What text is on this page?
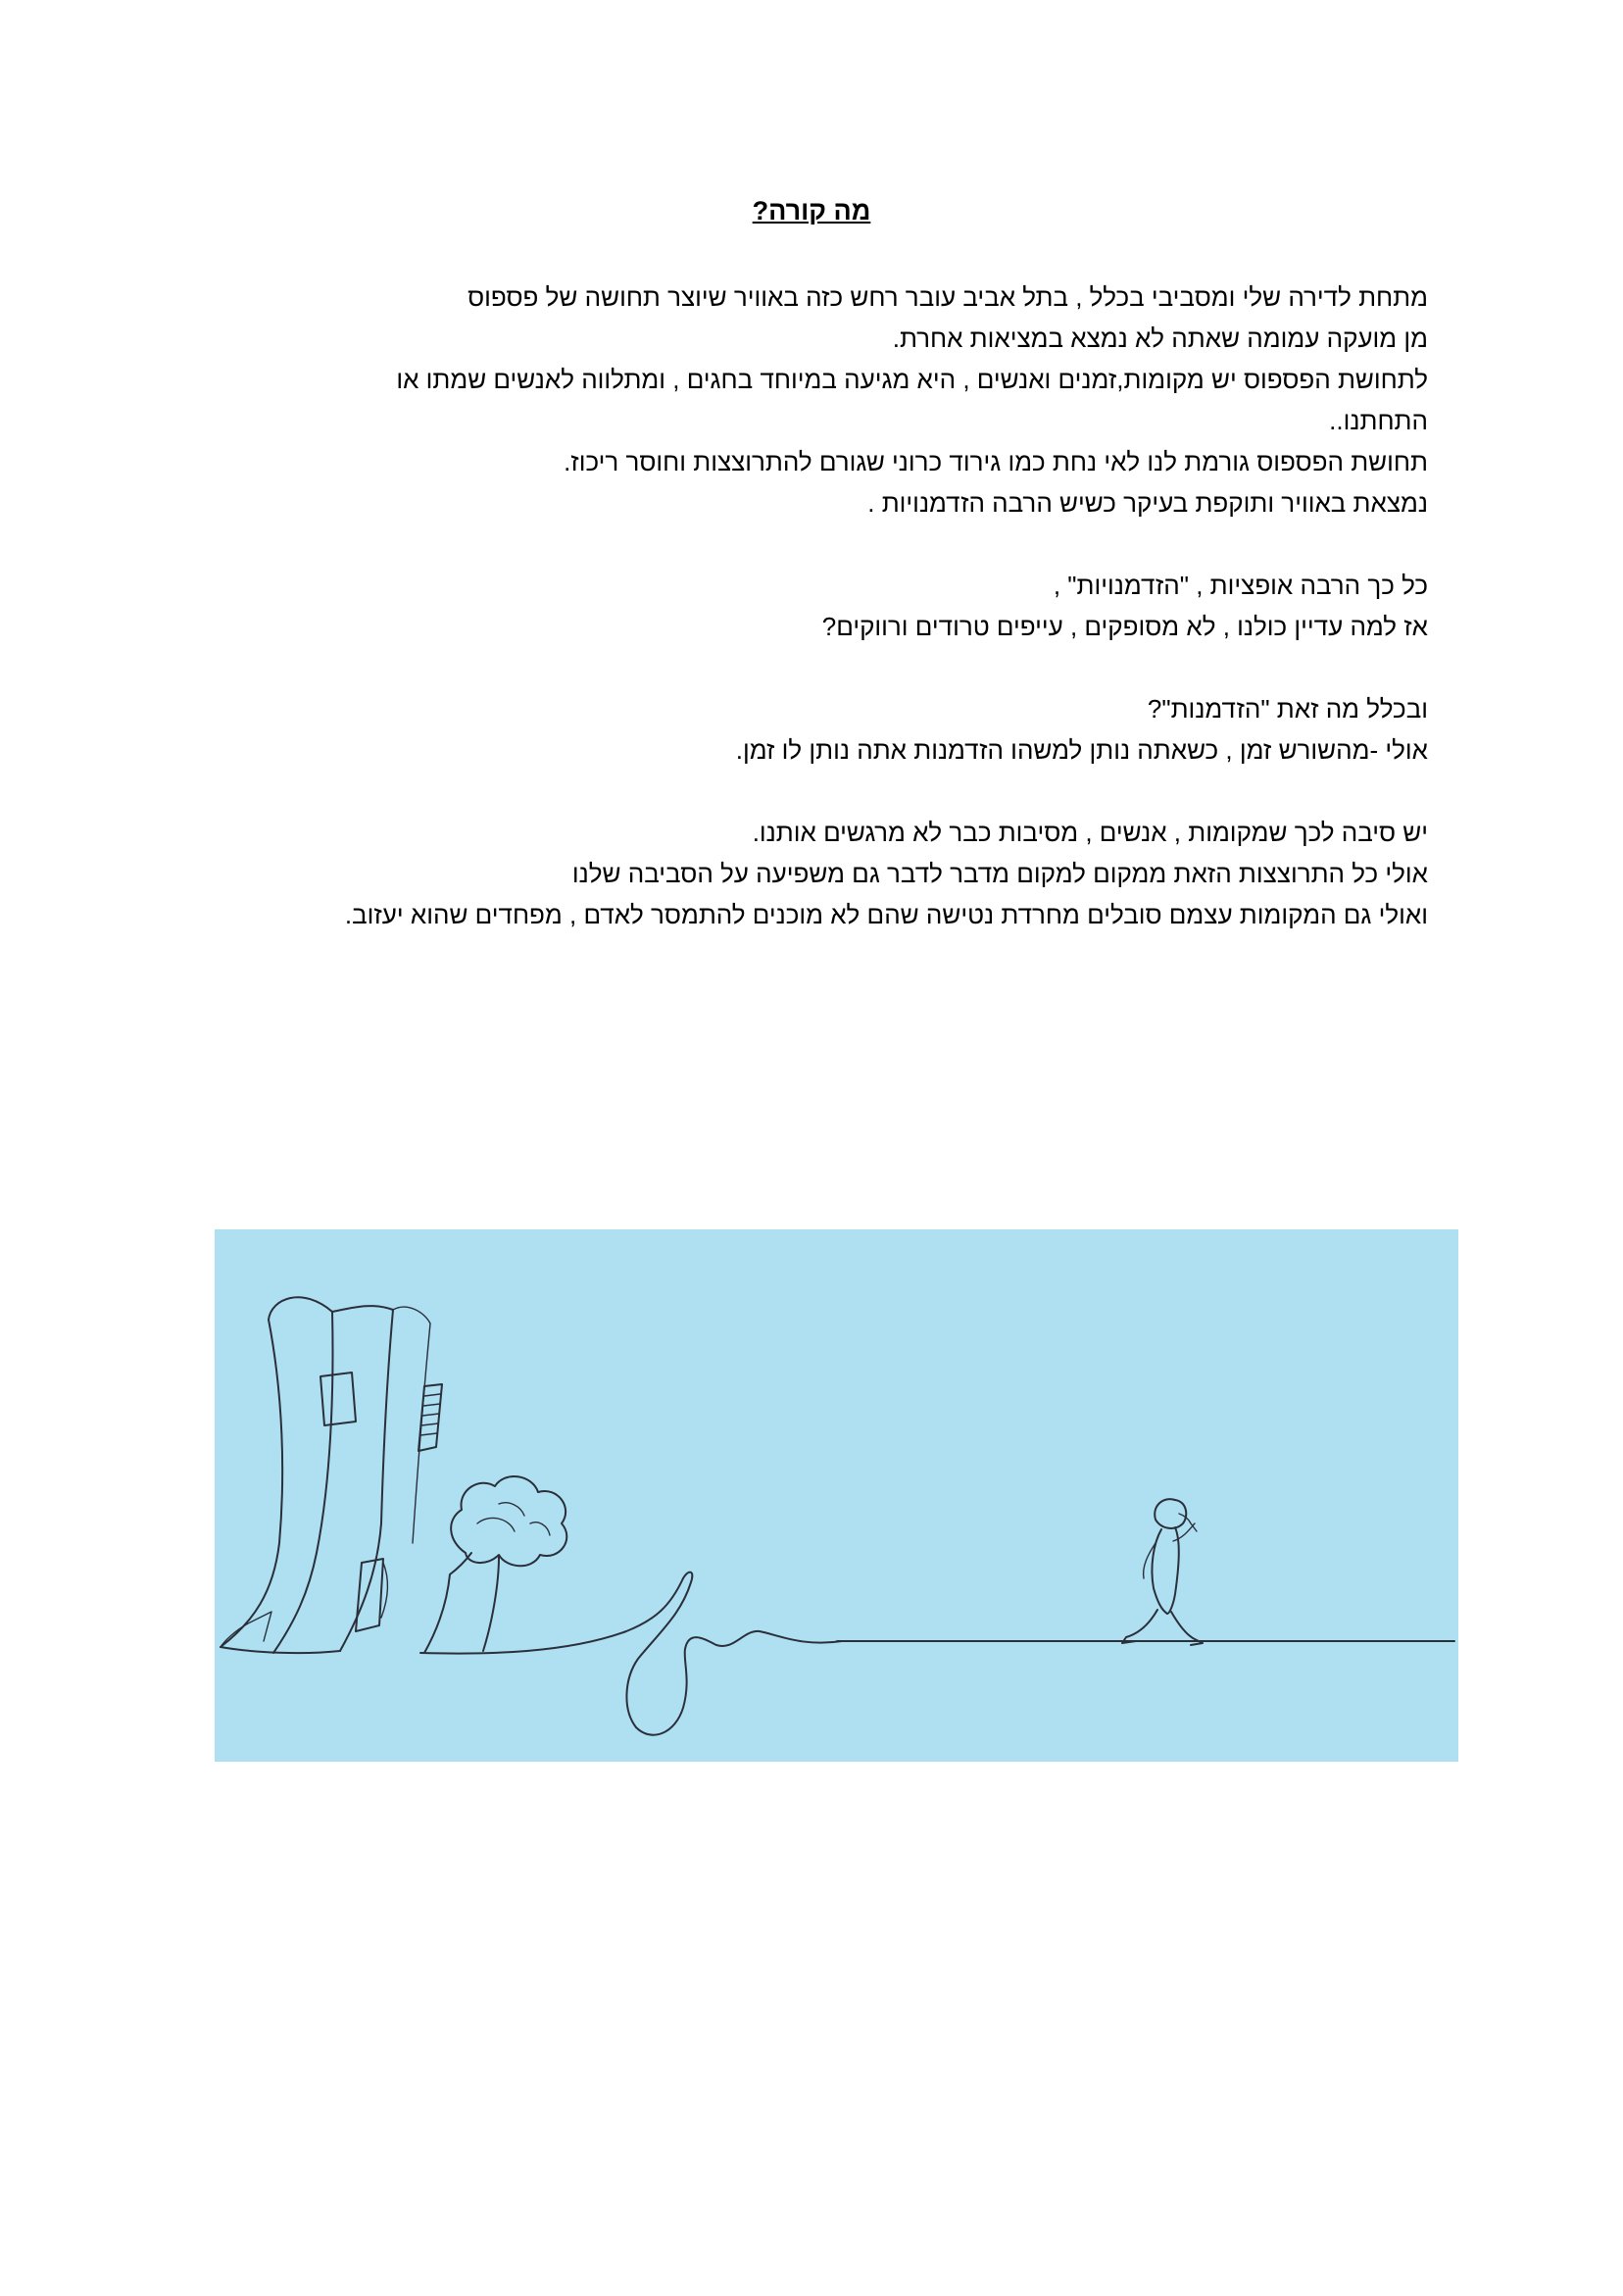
מה קורה?

מתחת לדירה שלי ומסביבי בכלל , בתל אביב עובר רחש כזה באוויר שיוצר תחושה של פספוס
מן מועקה עמומה שאתה לא נמצא במציאות אחרת.
לתחושת הפספוס יש מקומות,זמנים ואנשים , היא מגיעה במיוחד בחגים , ומתלווה לאנשים שמתו או
התחתנו..
תחושת הפספוס גורמת לנו לאי נחת כמו גירוד כרוני שגורם להתרוצצות וחוסר ריכוז.
נמצאת באוויר ותוקפת בעיקר כשיש הרבה הזדמנויות .

כל כך הרבה אופציות , "הזדמנויות" ,
אז למה עדיין כולנו , לא מסופקים , עייפים טרודים ורווקים?

ובכלל מה זאת "הזדמנות"?
אולי -מהשורש זמן , כשאתה נותן למשהו הזדמנות אתה נותן לו זמן.

יש סיבה לכך שמקומות , אנשים , מסיבות כבר לא מרגשים אותנו.
אולי כל התרוצצות הזאת ממקום למקום מדבר לדבר גם משפיעה על הסביבה שלנו
ואולי גם המקומות עצמם סובלים מחרדת נטישה שהם לא מוכנים להתמסר לאדם , מפחדים שהוא יעזוב.
